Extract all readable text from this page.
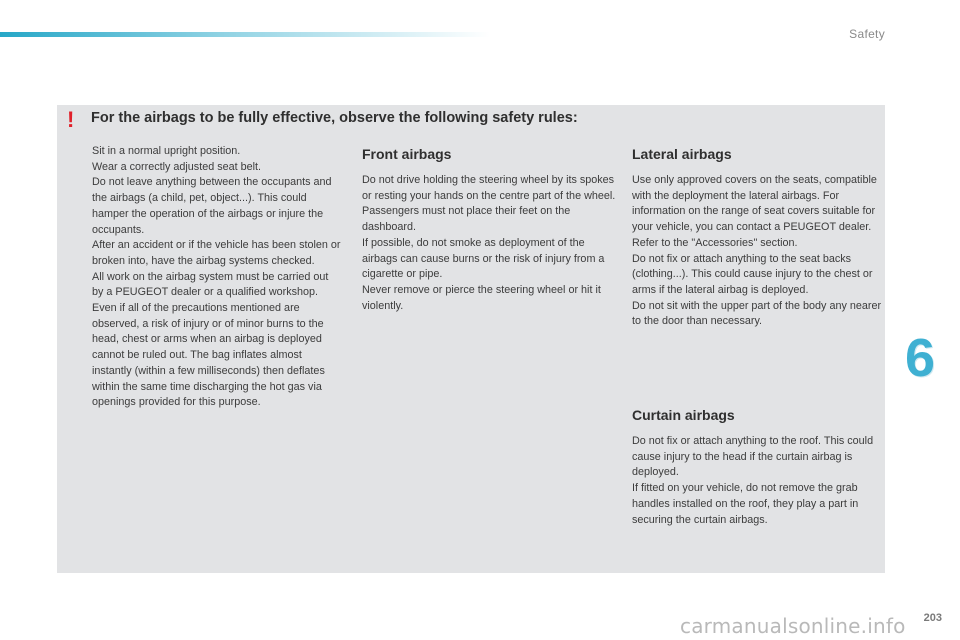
Safety
! For the airbags to be fully effective, observe the following safety rules:

Sit in a normal upright position.

Wear a correctly adjusted seat belt.

Do not leave anything between the occupants and the airbags (a child, pet, object...). This could hamper the operation of the airbags or injure the occupants.

After an accident or if the vehicle has been stolen or broken into, have the airbag systems checked.

All work on the airbag system must be carried out by a PEUGEOT dealer or a qualified workshop.

Even if all of the precautions mentioned are observed, a risk of injury or of minor burns to the head, chest or arms when an airbag is deployed cannot be ruled out. The bag inflates almost instantly (within a few milliseconds) then deflates within the same time discharging the hot gas via openings provided for this purpose.

Front airbags

Do not drive holding the steering wheel by its spokes or resting your hands on the centre part of the wheel.

Passengers must not place their feet on the dashboard.

If possible, do not smoke as deployment of the airbags can cause burns or the risk of injury from a cigarette or pipe.

Never remove or pierce the steering wheel or hit it violently.

Lateral airbags

Use only approved covers on the seats, compatible with the deployment the lateral airbags. For information on the range of seat covers suitable for your vehicle, you can contact a PEUGEOT dealer.

Refer to the "Accessories" section.

Do not fix or attach anything to the seat backs (clothing...). This could cause injury to the chest or arms if the lateral airbag is deployed.

Do not sit with the upper part of the body any nearer to the door than necessary.

Curtain airbags

Do not fix or attach anything to the roof. This could cause injury to the head if the curtain airbag is deployed.

If fitted on your vehicle, do not remove the grab handles installed on the roof, they play a part in securing the curtain airbags.

6
carmanualsonline.info 203
